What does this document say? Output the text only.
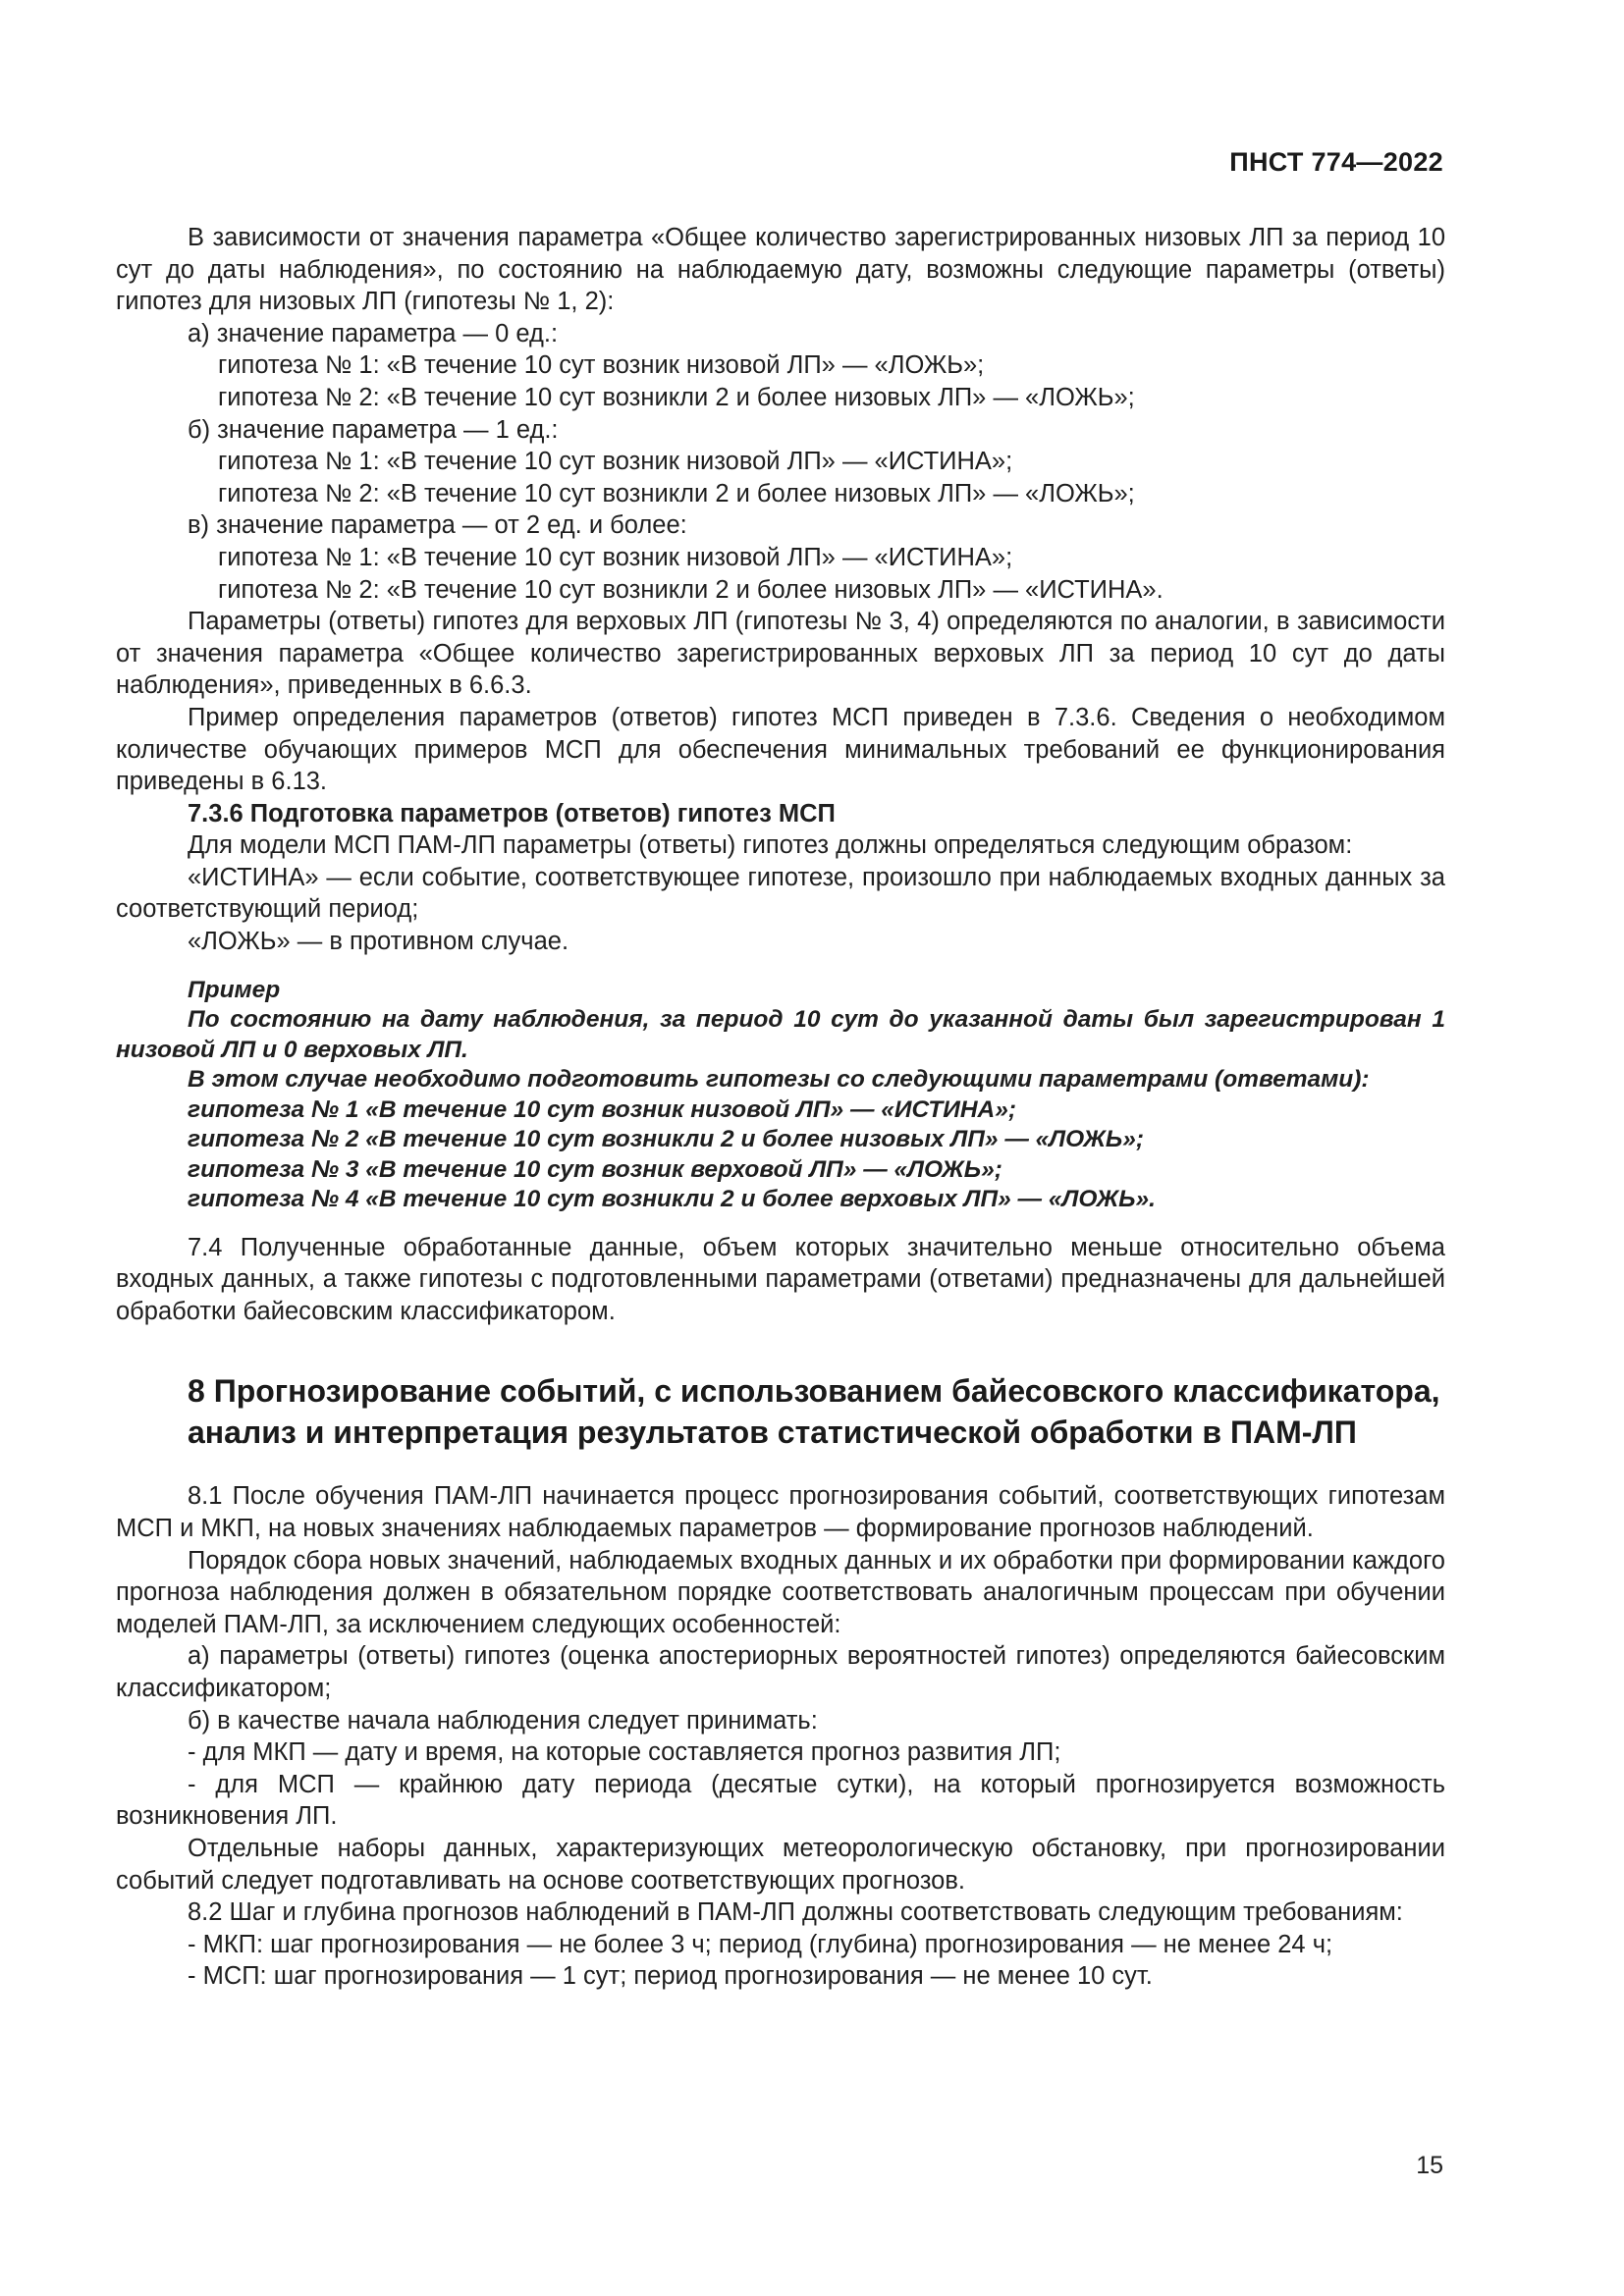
ПНСТ 774—2022

В зависимости от значения параметра «Общее количество зарегистрированных низовых ЛП за период 10 сут до даты наблюдения», по состоянию на наблюдаемую дату, возможны следующие параметры (ответы) гипотез для низовых ЛП (гипотезы № 1, 2):

а) значение параметра — 0 ед.:

гипотеза № 1: «В течение 10 сут возник низовой ЛП» — «ЛОЖЬ»;

гипотеза № 2: «В течение 10 сут возникли 2 и более низовых ЛП» — «ЛОЖЬ»;

б) значение параметра — 1 ед.:

гипотеза № 1: «В течение 10 сут возник низовой ЛП» — «ИСТИНА»;

гипотеза № 2: «В течение 10 сут возникли 2 и более низовых ЛП» — «ЛОЖЬ»;

в) значение параметра — от 2 ед. и более:

гипотеза № 1: «В течение 10 сут возник низовой ЛП» — «ИСТИНА»;

гипотеза № 2: «В течение 10 сут возникли 2 и более низовых ЛП» — «ИСТИНА».

Параметры (ответы) гипотез для верховых ЛП (гипотезы № 3, 4) определяются по аналогии, в зависимости от значения параметра «Общее количество зарегистрированных верховых ЛП за период 10 сут до даты наблюдения», приведенных в 6.6.3.

Пример определения параметров (ответов) гипотез МСП приведен в 7.3.6. Сведения о необходимом количестве обучающих примеров МСП для обеспечения минимальных требований ее функционирования приведены в 6.13.

7.3.6 Подготовка параметров (ответов) гипотез МСП

Для модели МСП ПАМ-ЛП параметры (ответы) гипотез должны определяться следующим образом:

«ИСТИНА» — если событие, соответствующее гипотезе, произошло при наблюдаемых входных данных за соответствующий период;

«ЛОЖЬ» — в противном случае.

Пример

По состоянию на дату наблюдения, за период 10 сут до указанной даты был зарегистрирован 1 низовой ЛП и 0 верховых ЛП.

В этом случае необходимо подготовить гипотезы со следующими параметрами (ответами):

гипотеза № 1 «В течение 10 сут возник низовой ЛП» — «ИСТИНА»;

гипотеза № 2 «В течение 10 сут возникли 2 и более низовых ЛП» — «ЛОЖЬ»;

гипотеза № 3 «В течение 10 сут возник верховой ЛП» — «ЛОЖЬ»;

гипотеза № 4 «В течение 10 сут возникли 2 и более верховых ЛП» — «ЛОЖЬ».

7.4 Полученные обработанные данные, объем которых значительно меньше относительно объема входных данных, а также гипотезы с подготовленными параметрами (ответами) предназначены для дальнейшей обработки байесовским классификатором.

8 Прогнозирование событий, с использованием байесовского классификатора,
анализ и интерпретация результатов статистической обработки в ПАМ-ЛП

8.1 После обучения ПАМ-ЛП начинается процесс прогнозирования событий, соответствующих гипотезам МСП и МКП, на новых значениях наблюдаемых параметров — формирование прогнозов наблюдений.

Порядок сбора новых значений, наблюдаемых входных данных и их обработки при формировании каждого прогноза наблюдения должен в обязательном порядке соответствовать аналогичным процессам при обучении моделей ПАМ-ЛП, за исключением следующих особенностей:

а) параметры (ответы) гипотез (оценка апостериорных вероятностей гипотез) определяются байесовским классификатором;

б) в качестве начала наблюдения следует принимать:

- для МКП — дату и время, на которые составляется прогноз развития ЛП;

- для МСП — крайнюю дату периода (десятые сутки), на который прогнозируется возможность возникновения ЛП.

Отдельные наборы данных, характеризующих метеорологическую обстановку, при прогнозировании событий следует подготавливать на основе соответствующих прогнозов.

8.2 Шаг и глубина прогнозов наблюдений в ПАМ-ЛП должны соответствовать следующим требованиям:

- МКП: шаг прогнозирования — не более 3 ч; период (глубина) прогнозирования — не менее 24 ч;

- МСП: шаг прогнозирования — 1 сут; период прогнозирования — не менее 10 сут.

15
